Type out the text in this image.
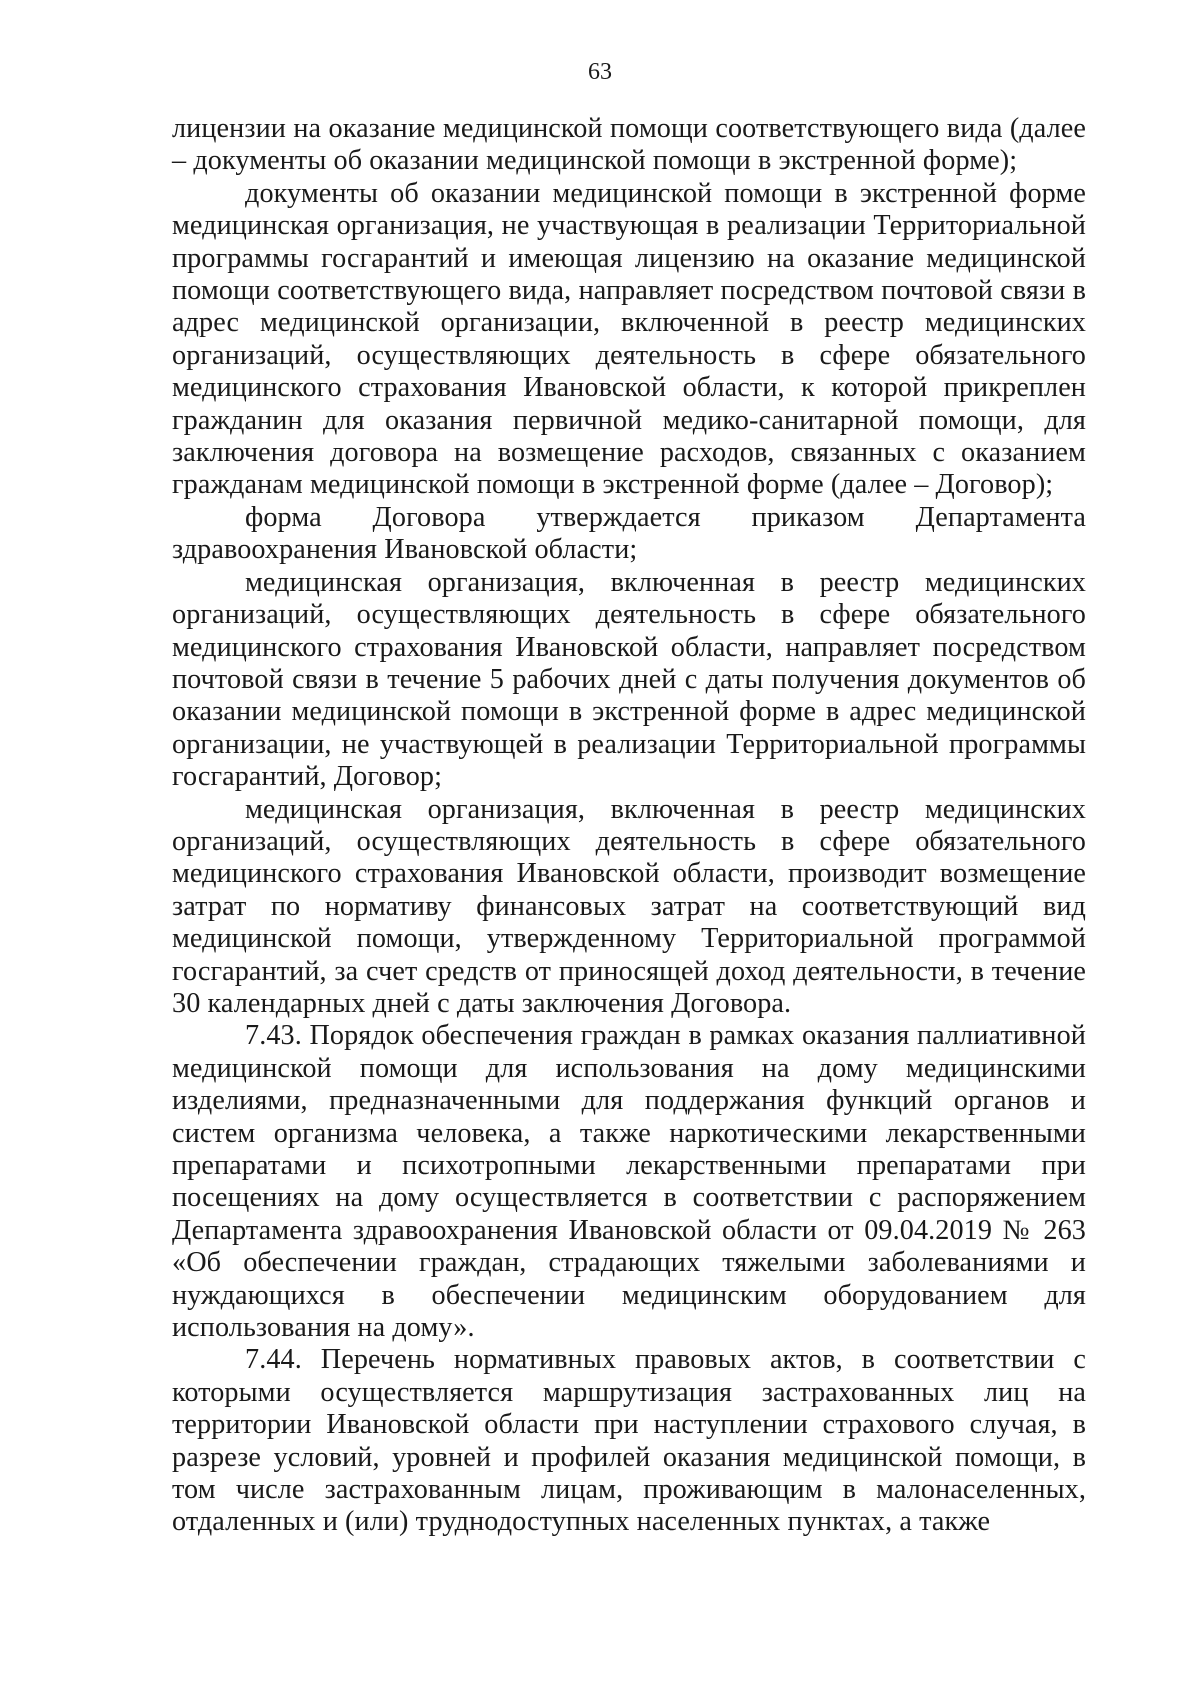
63

лицензии на оказание медицинской помощи соответствующего вида (далее – документы об оказании медицинской помощи в экстренной форме);

документы об оказании медицинской помощи в экстренной форме медицинская организация, не участвующая в реализации Территориальной программы госгарантий и имеющая лицензию на оказание медицинской помощи соответствующего вида, направляет посредством почтовой связи в адрес медицинской организации, включенной в реестр медицинских организаций, осуществляющих деятельность в сфере обязательного медицинского страхования Ивановской области, к которой прикреплен гражданин для оказания первичной медико-санитарной помощи, для заключения договора на возмещение расходов, связанных с оказанием гражданам медицинской помощи в экстренной форме (далее – Договор);

форма Договора утверждается приказом Департамента здравоохранения Ивановской области;

медицинская организация, включенная в реестр медицинских организаций, осуществляющих деятельность в сфере обязательного медицинского страхования Ивановской области, направляет посредством почтовой связи в течение 5 рабочих дней с даты получения документов об оказании медицинской помощи в экстренной форме в адрес медицинской организации, не участвующей в реализации Территориальной программы госгарантий, Договор;

медицинская организация, включенная в реестр медицинских организаций, осуществляющих деятельность в сфере обязательного медицинского страхования Ивановской области, производит возмещение затрат по нормативу финансовых затрат на соответствующий вид медицинской помощи, утвержденному Территориальной программой госгарантий, за счет средств от приносящей доход деятельности, в течение 30 календарных дней с даты заключения Договора.

7.43. Порядок обеспечения граждан в рамках оказания паллиативной медицинской помощи для использования на дому медицинскими изделиями, предназначенными для поддержания функций органов и систем организма человека, а также наркотическими лекарственными препаратами и психотропными лекарственными препаратами при посещениях на дому осуществляется в соответствии с распоряжением Департамента здравоохранения Ивановской области от 09.04.2019 № 263 «Об обеспечении граждан, страдающих тяжелыми заболеваниями и нуждающихся в обеспечении медицинским оборудованием для использования на дому».

7.44. Перечень нормативных правовых актов, в соответствии с которыми осуществляется маршрутизация застрахованных лиц на территории Ивановской области при наступлении страхового случая, в разрезе условий, уровней и профилей оказания медицинской помощи, в том числе застрахованным лицам, проживающим в малонаселенных, отдаленных и (или) труднодоступных населенных пунктах, а также
